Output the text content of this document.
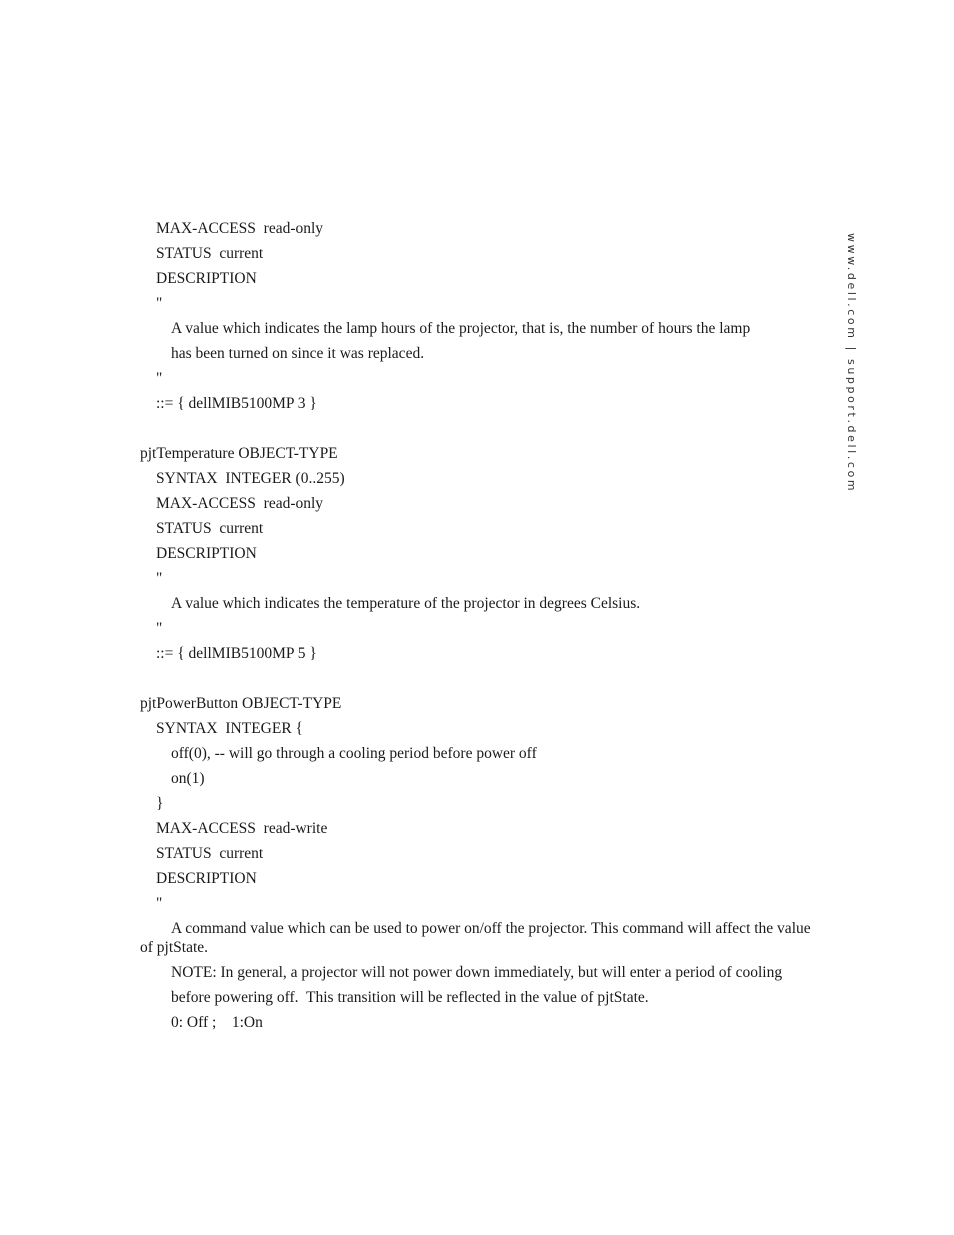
www.dell.com | support.dell.com
MAX-ACCESS  read-only
STATUS  current
DESCRIPTION
"
A value which indicates the lamp hours of the projector, that is, the number of hours the lamp
has been turned on since it was replaced.
"
::= { dellMIB5100MP 3 }
pjtTemperature OBJECT-TYPE
SYNTAX  INTEGER (0..255)
MAX-ACCESS  read-only
STATUS  current
DESCRIPTION
"
A value which indicates the temperature of the projector in degrees Celsius.
"
::= { dellMIB5100MP 5 }
pjtPowerButton OBJECT-TYPE
SYNTAX  INTEGER {
off(0), -- will go through a cooling period before power off
on(1)
}
MAX-ACCESS  read-write
STATUS  current
DESCRIPTION
"
A command value which can be used to power on/off the projector. This command will affect the value of pjtState.
NOTE: In general, a projector will not power down immediately, but will enter a period of cooling
before powering off.  This transition will be reflected in the value of pjtState.
0: Off ;    1:On
